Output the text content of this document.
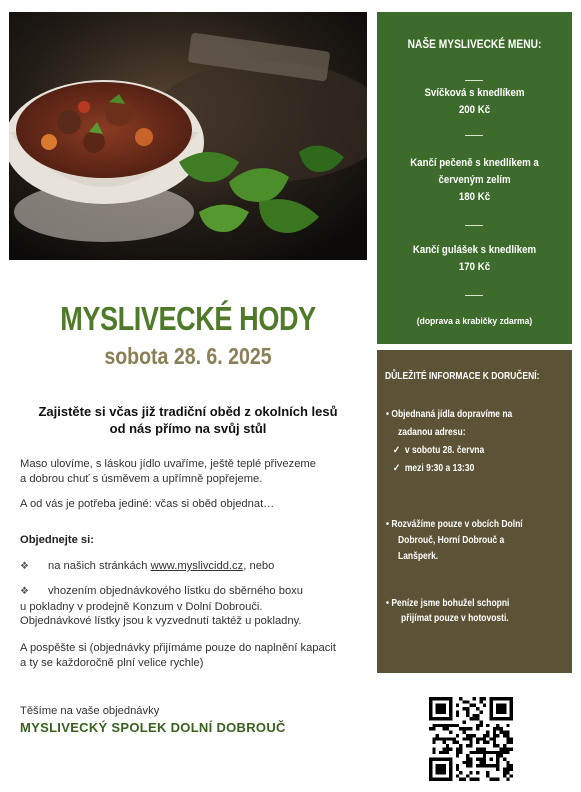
MYSLIVECKÉ HODY
sobota 28. 6. 2025
Zajistěte si včas již tradiční oběd z okolních lesů
od nás přímo na svůj stůl
Maso ulovíme, s láskou jídlo uvaříme, ještě teplé přivezeme
a dobrou chuť s úsměvem a upřímně popřejeme.
A od vás je potřeba jediné: včas si oběd objednat…
Objednejte si:
❖ na našich stránkách www.myslivcidd.cz, nebo
❖ vhozením objednávkového lístku do sběrného boxu
u pokladny v prodejně Konzum v Dolní Dobrouči.
Objednávkové lístky jsou k vyzvednutí taktéž u pokladny.
A pospěšte si (objednávky přijímáme pouze do naplnění kapacit
a ty se každoročně plní velice rychle)
Těšíme na vaše objednávky
MYSLIVECKÝ SPOLEK DOLNÍ DOBROUČ
NAŠE MYSLIVECKÉ MENU:
Svíčková s knedlíkem
200 Kč
Kančí pečeně s knedlíkem a
červeným zelím
180 Kč
Kančí gulášek s knedlíkem
170 Kč
(doprava a krabičky zdarma)
DŮLEŽITÉ INFORMACE K DORUČENÍ:
• Objednaná jídla dopravíme na
zadanou adresu:
✓ v sobotu 28. června
✓ mezi 9:30 a 13:30
• Rozvážíme pouze v obcích Dolní
Dobrouč, Horní Dobrouč a
Lanšperk.
• Peníze jsme bohužel schopni
přijímat pouze v hotovosti.
